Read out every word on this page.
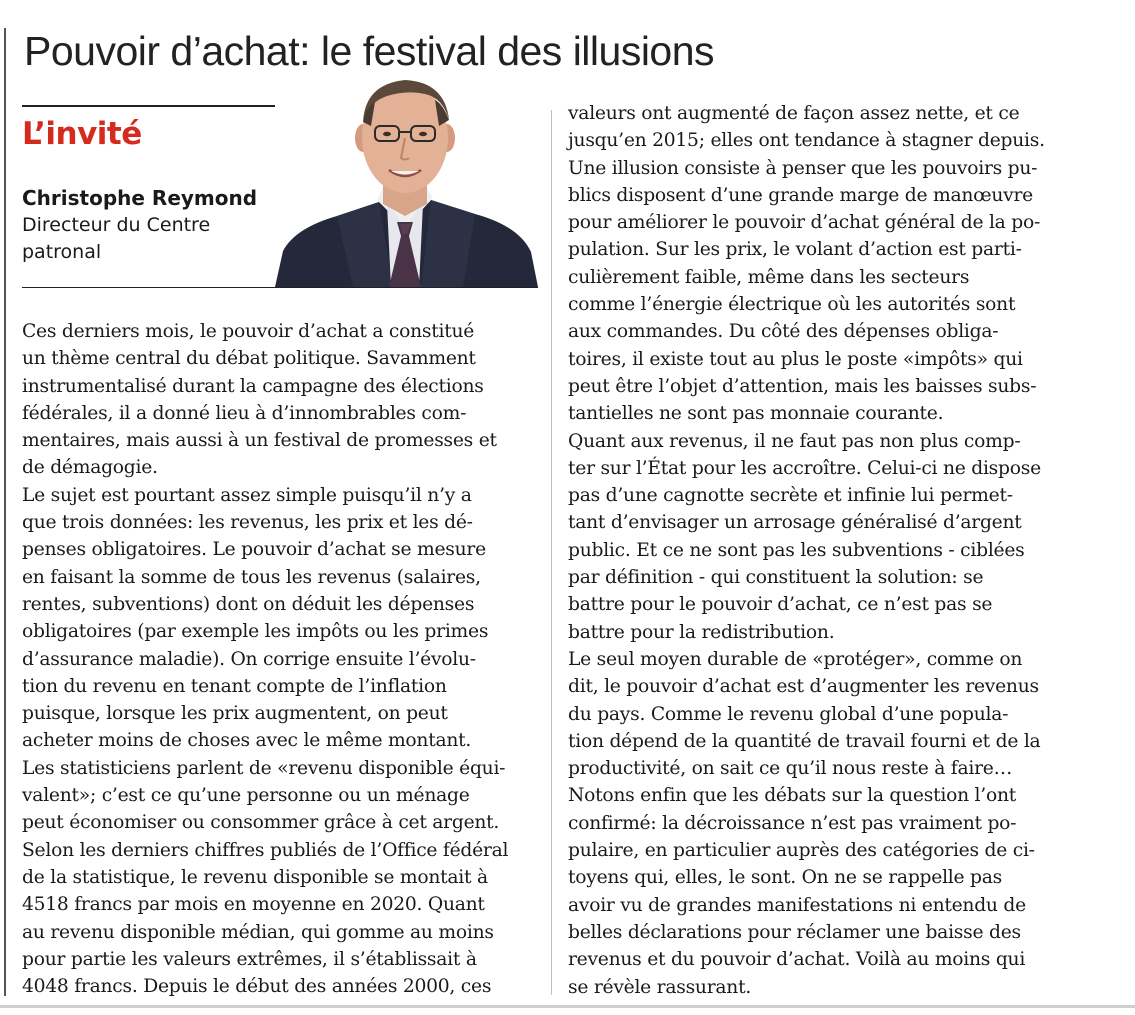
Pouvoir d’achat: le festival des illusions
L’invité
Christophe Reymond
Directeur du Centre
patronal
Ces derniers mois, le pouvoir d’achat a constitué
un thème central du débat politique. Savamment
instrumentalisé durant la campagne des élections
fédérales, il a donné lieu à d’innombrables com-
mentaires, mais aussi à un festival de promesses et
de démagogie.
Le sujet est pourtant assez simple puisqu’il n’y a
que trois données: les revenus, les prix et les dé-
penses obligatoires. Le pouvoir d’achat se mesure
en faisant la somme de tous les revenus (salaires,
rentes, subventions) dont on déduit les dépenses
obligatoires (par exemple les impôts ou les primes
d’assurance maladie). On corrige ensuite l’évolu-
tion du revenu en tenant compte de l’inflation
puisque, lorsque les prix augmentent, on peut
acheter moins de choses avec le même montant.
Les statisticiens parlent de «revenu disponible équi-
valent»; c’est ce qu’une personne ou un ménage
peut économiser ou consommer grâce à cet argent.
Selon les derniers chiffres publiés de l’Office fédéral
de la statistique, le revenu disponible se montait à
4518 francs par mois en moyenne en 2020. Quant
au revenu disponible médian, qui gomme au moins
pour partie les valeurs extrêmes, il s’établissait à
4048 francs. Depuis le début des années 2000, ces
valeurs ont augmenté de façon assez nette, et ce
jusqu’en 2015; elles ont tendance à stagner depuis.
Une illusion consiste à penser que les pouvoirs pu-
blics disposent d’une grande marge de manœuvre
pour améliorer le pouvoir d’achat général de la po-
pulation. Sur les prix, le volant d’action est parti-
culièrement faible, même dans les secteurs
comme l’énergie électrique où les autorités sont
aux commandes. Du côté des dépenses obliga-
toires, il existe tout au plus le poste «impôts» qui
peut être l’objet d’attention, mais les baisses subs-
tantielles ne sont pas monnaie courante.
Quant aux revenus, il ne faut pas non plus comp-
ter sur l’État pour les accroître. Celui-ci ne dispose
pas d’une cagnotte secrète et infinie lui permet-
tant d’envisager un arrosage généralisé d’argent
public. Et ce ne sont pas les subventions - ciblées
par définition - qui constituent la solution: se
battre pour le pouvoir d’achat, ce n’est pas se
battre pour la redistribution.
Le seul moyen durable de «protéger», comme on
dit, le pouvoir d’achat est d’augmenter les revenus
du pays. Comme le revenu global d’une popula-
tion dépend de la quantité de travail fourni et de la
productivité, on sait ce qu’il nous reste à faire…
Notons enfin que les débats sur la question l’ont
confirmé: la décroissance n’est pas vraiment po-
pulaire, en particulier auprès des catégories de ci-
toyens qui, elles, le sont. On ne se rappelle pas
avoir vu de grandes manifestations ni entendu de
belles déclarations pour réclamer une baisse des
revenus et du pouvoir d’achat. Voilà au moins qui
se révèle rassurant.
